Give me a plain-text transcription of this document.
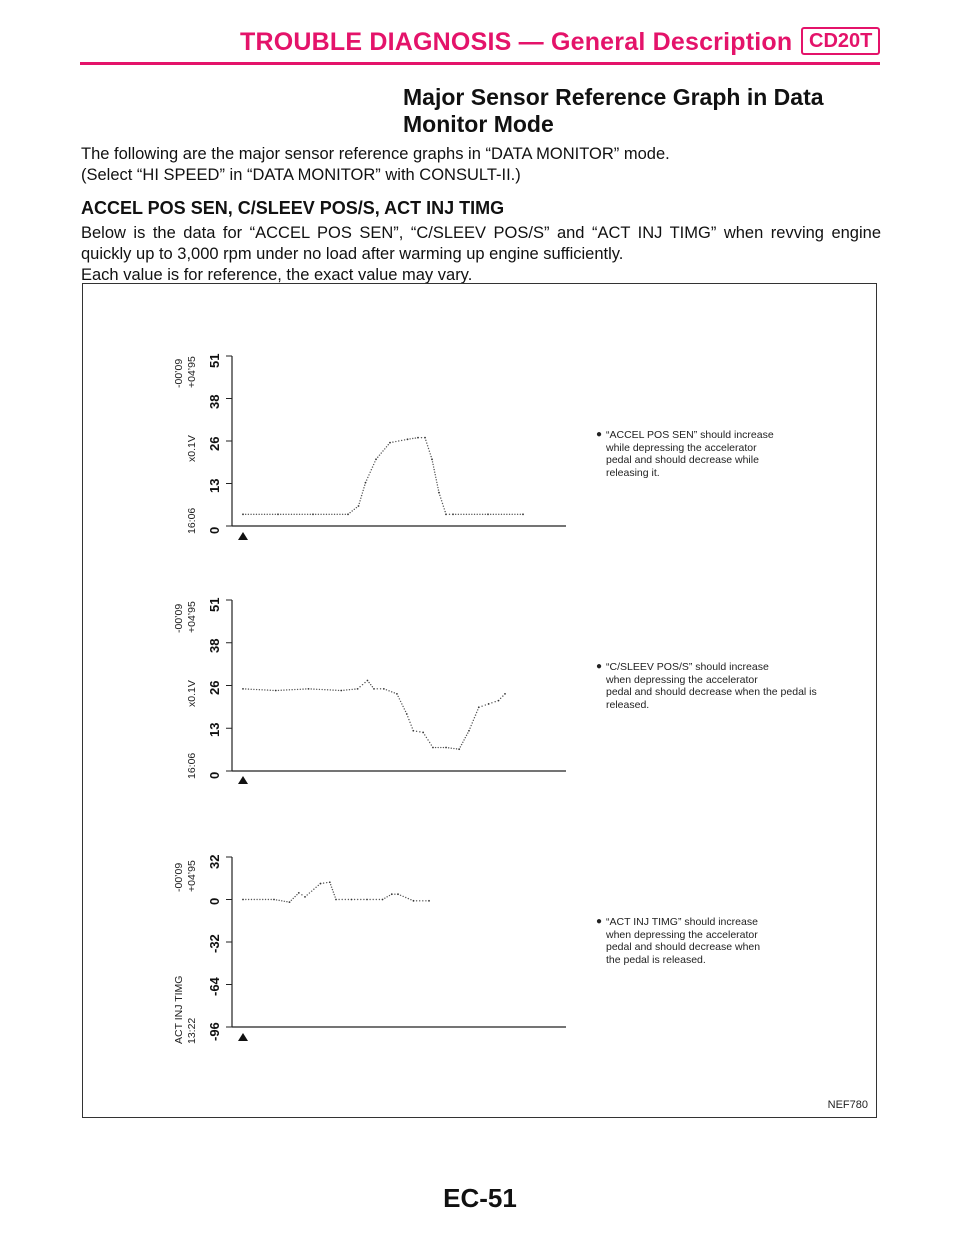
TROUBLE DIAGNOSIS — General Description CD20T
Major Sensor Reference Graph in Data
Monitor Mode
The following are the major sensor reference graphs in “DATA MONITOR” mode.
(Select “HI SPEED” in “DATA MONITOR” with CONSULT-II.)
ACCEL POS SEN, C/SLEEV POS/S, ACT INJ TIMG
Below is the data for “ACCEL POS SEN”, “C/SLEEV POS/S” and “ACT INJ TIMG” when revving engine
quickly up to 3,000 rpm under no load after warming up engine sufficiently.
Each value is for reference, the exact value may vary.
16:06
x0.1V
-00’09 +04’95
0
13
26
38
51
● “ACCEL POS SEN” should increase
while depressing the accelerator
pedal and should decrease while
releasing it.
16:06
x0.1V
-00’09 +04’95
0
13
26
38
51
● “C/SLEEV POS/S” should increase
when depressing the accelerator
pedal and should decrease when the pedal is
released.
ACT INJ TIMG 13:22
-00’09 +04’95
-96
-64
-32
0
32
● “ACT INJ TIMG” should increase
when depressing the accelerator
pedal and should decrease when
the pedal is released.
NEF780
EC-51
